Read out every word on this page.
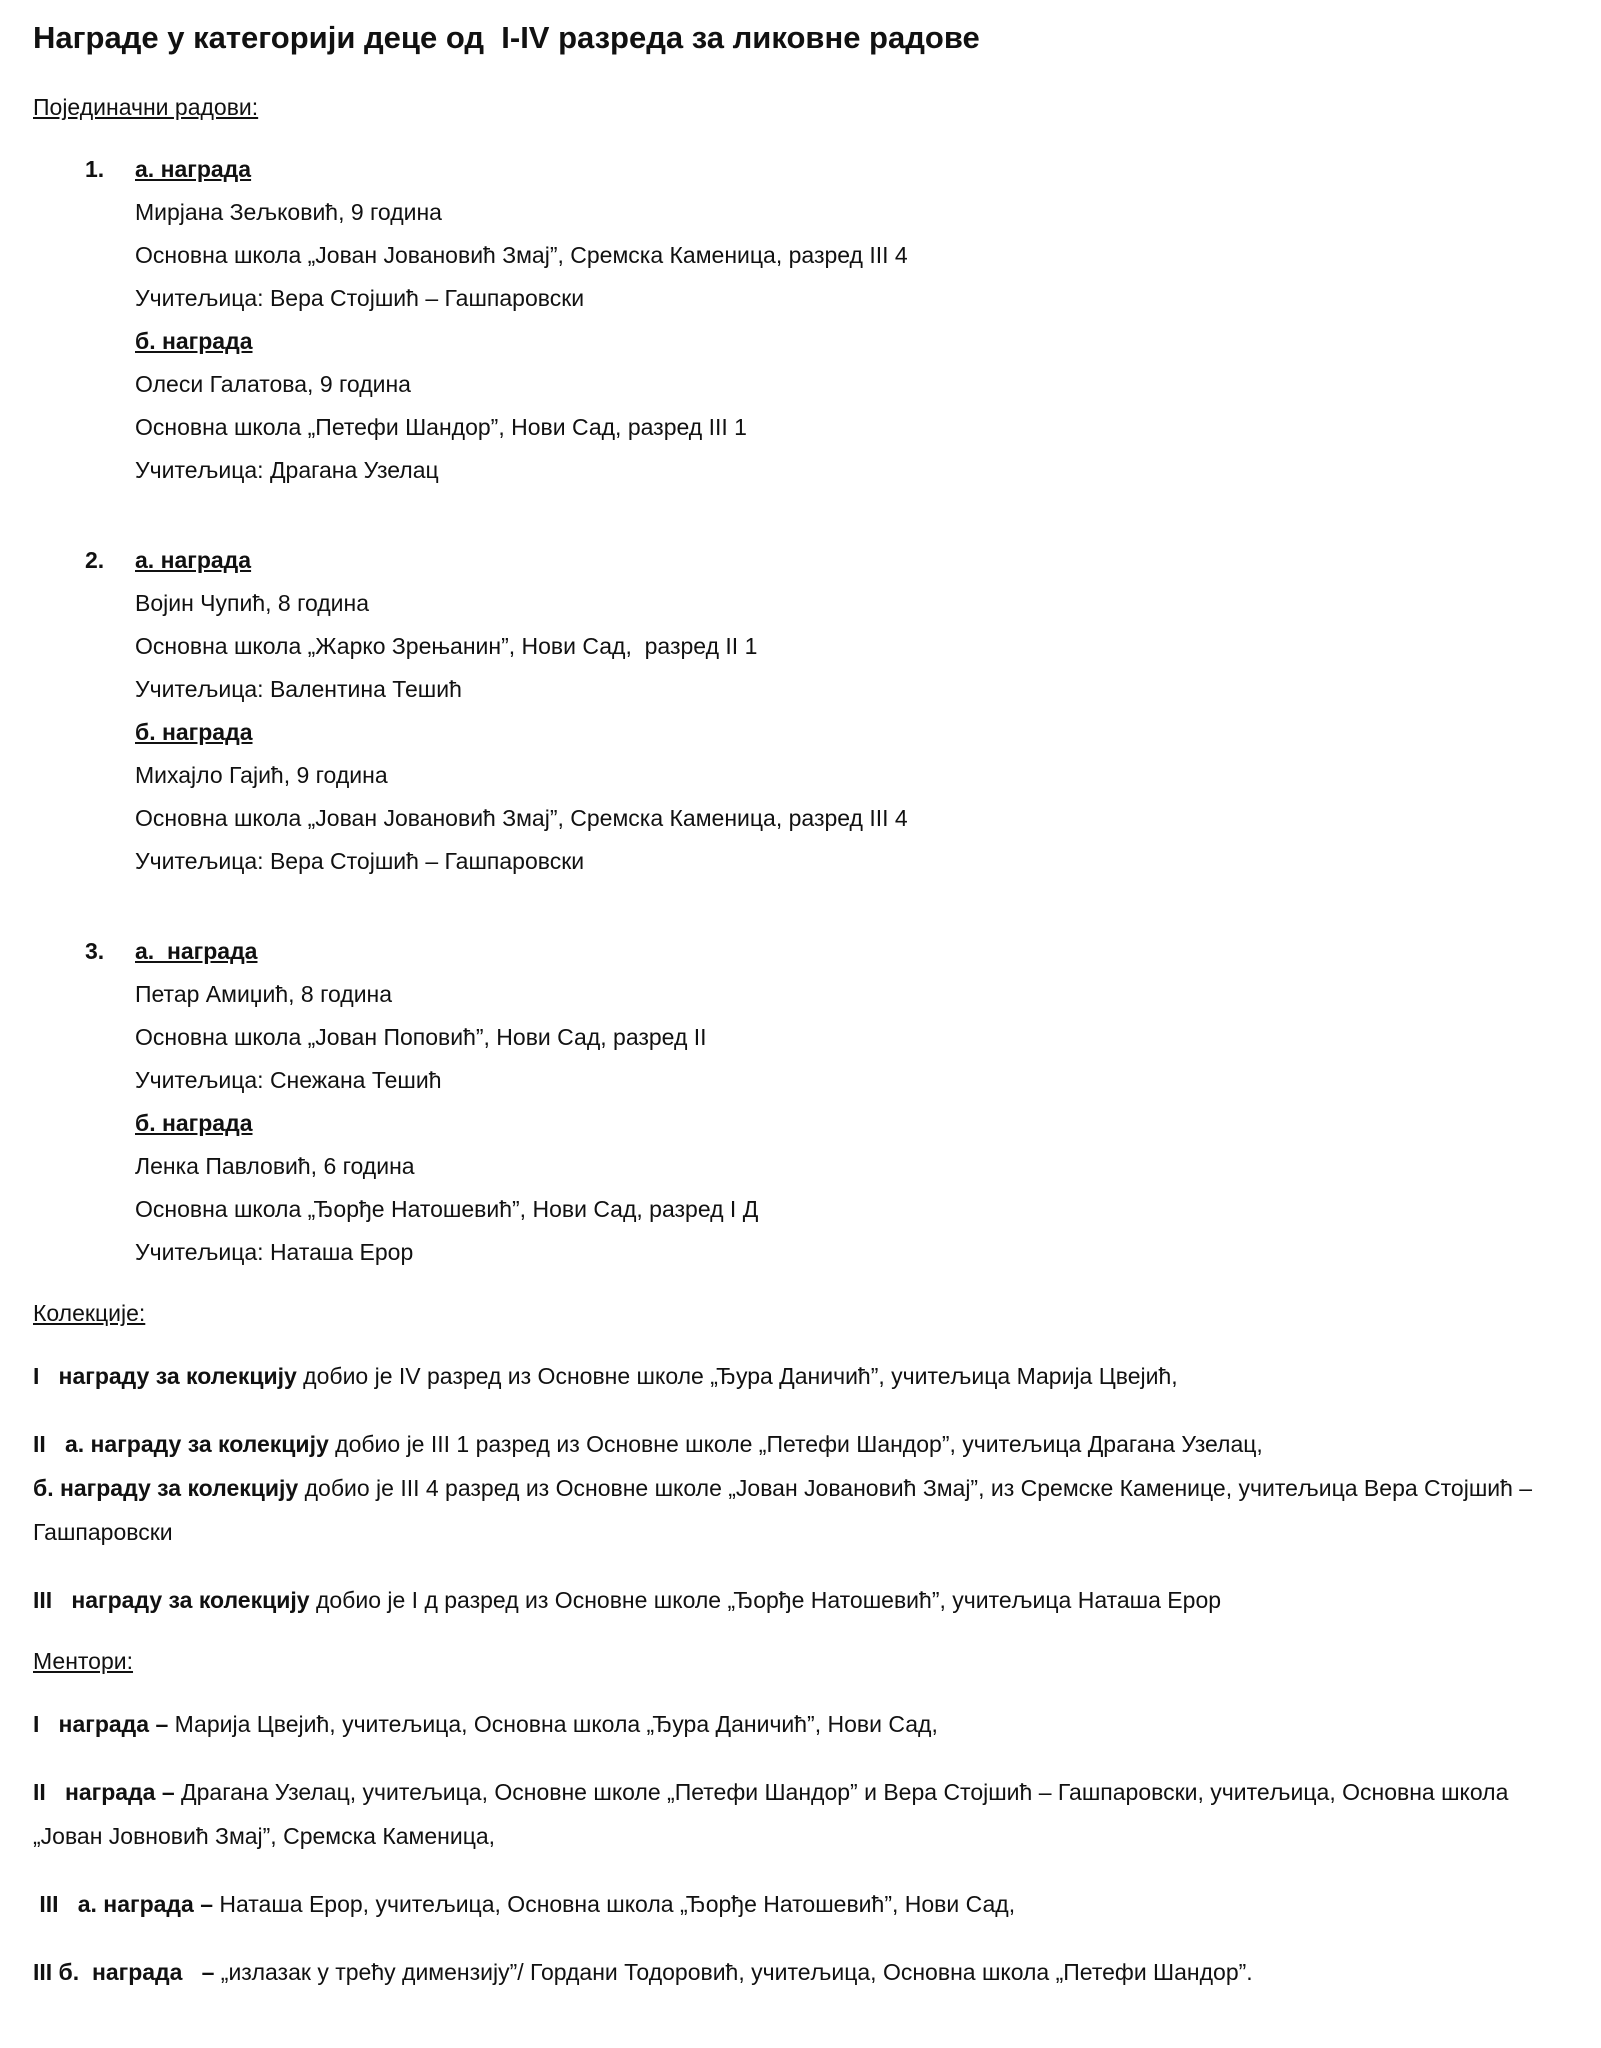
Награде у категорији деце од  I-IV разреда за ликовне радове

Појединачни радови:

1.	а. награда

Мирјана Зељковић, 9 година

Основна школа „Јован Јовановић Змај”, Сремска Каменица, разред III 4

Учитељица: Вера Стојшић – Гашпаровски

б. награда

Олеси Галатова, 9 година

Основна школа „Петефи Шандор”, Нови Сад, разред III 1

Учитељица: Драгана Узелац

2.	а. награда

Војин Чупић, 8 година

Основна школа „Жарко Зрењанин”, Нови Сад,  разред II 1

Учитељица: Валентина Тешић

б. награда

Михајло Гајић, 9 година

Основна школа „Јован Јовановић Змај”, Сремска Каменица, разред III 4

Учитељица: Вера Стојшић – Гашпаровски

3.	а.  награда

Петар Амиџић, 8 година

Основна школа „Јован Поповић”, Нови Сад, разред II

Учитељица: Снежана Тешић

б. награда

Ленка Павловић, 6 година

Основна школа „Ђорђе Натошевић”, Нови Сад, разред I Д

Учитељица: Наташа Ерор

Колекције:

I   награду за колекцију добио је IV разред из Основне школе „Ђура Даничић”, учитељица Марија Цвејић,

II   а. награду за колекцију добио је III 1 разред из Основне школе „Петефи Шандор”, учитељица Драгана Узелац,
б. награду за колекцију добио је III 4 разред из Основне школе „Јован Јовановић Змај”, из Сремске Каменице, учитељица Вера Стојшић – Гашпаровски

III   награду за колекцију добио је I д разред из Основне школе „Ђорђе Натошевић”, учитељица Наташа Ерор

Ментори:

I   награда – Марија Цвејић, учитељица, Основна школа „Ђура Даничић”, Нови Сад,

II   награда – Драгана Узелац, учитељица, Основне школе „Петефи Шандор” и Вера Стојшић – Гашпаровски, учитељица, Основна школа „Јован Јовновић Змај”, Сремска Каменица,

III   а. награда – Наташа Ерор, учитељица, Основна школа „Ђорђе Натошевић”, Нови Сад,

III б.  награда   – „излазак у трећу димензију”/ Гордани Тодоровић, учитељица, Основна школа „Петефи Шандор”.
